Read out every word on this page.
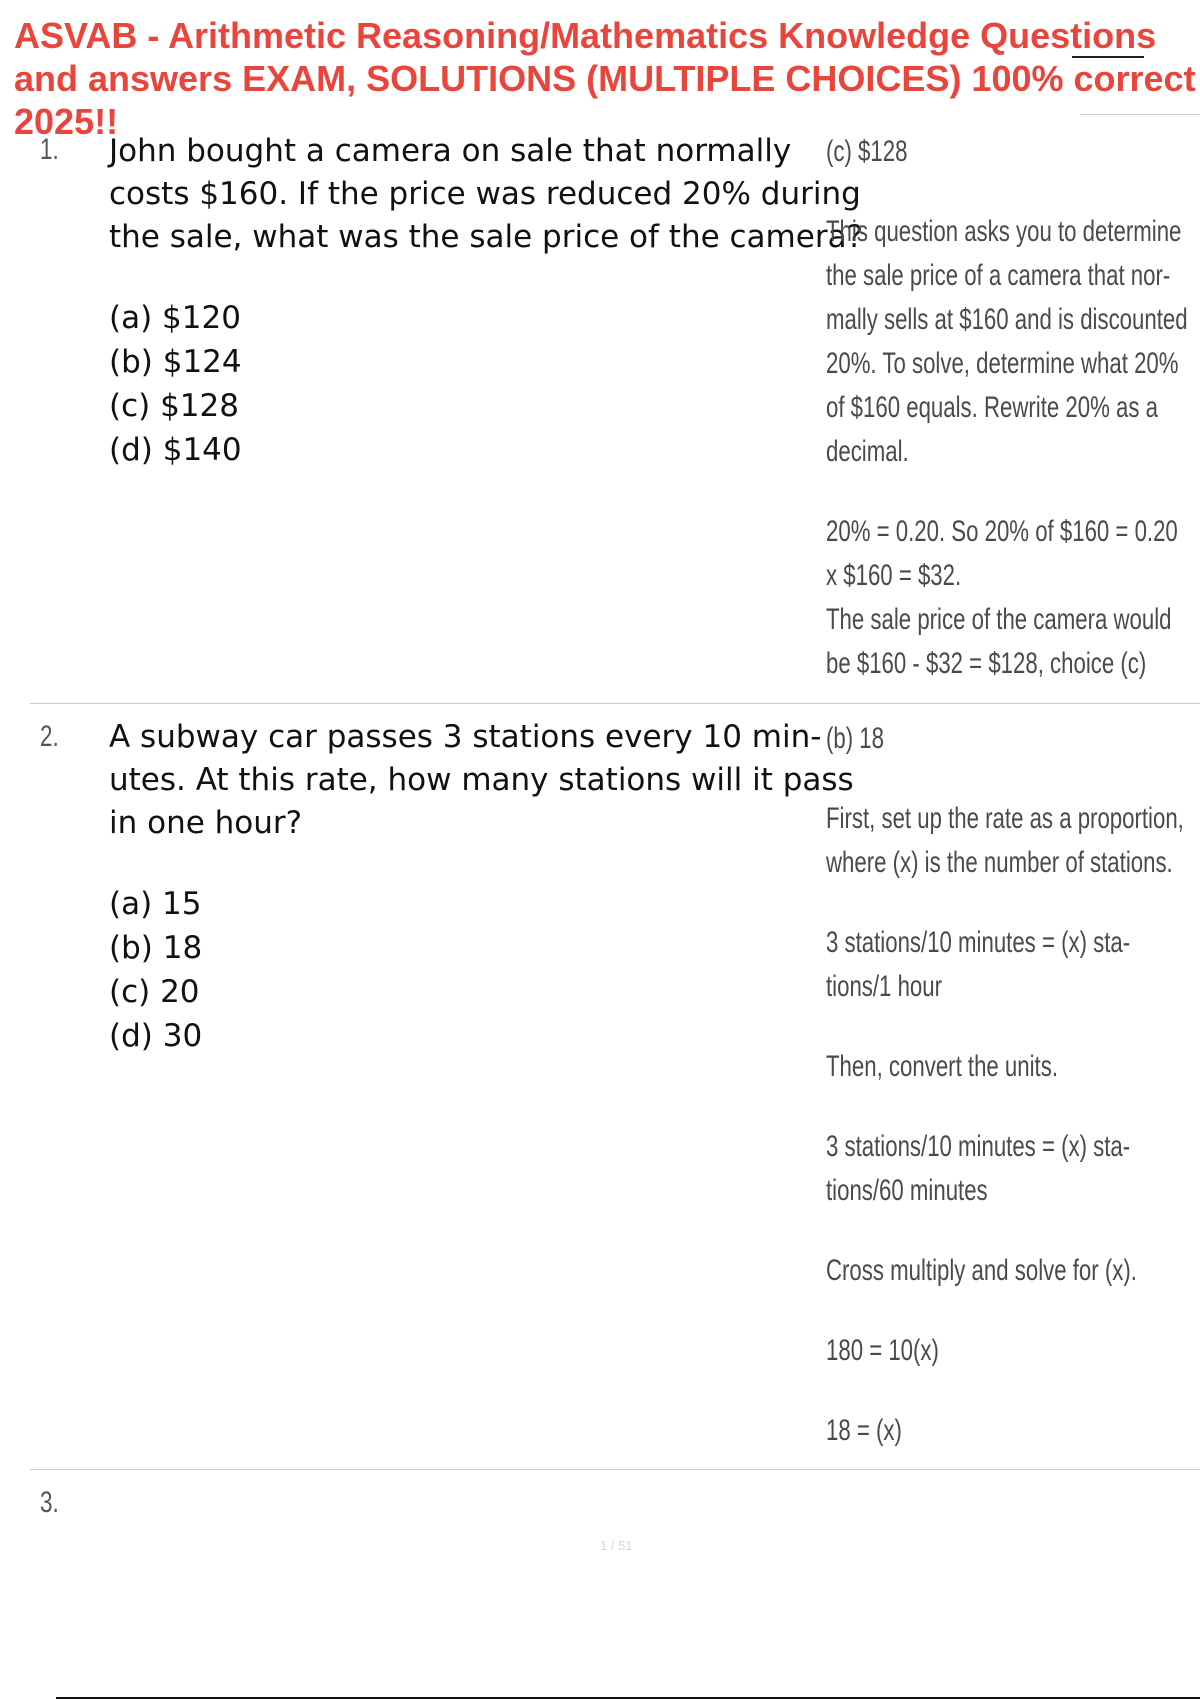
ASVAB - Arithmetic Reasoning/Mathematics Knowledge Questions
and answers EXAM, SOLUTIONS (MULTIPLE CHOICES) 100% correct
2025!!
1. John bought a camera on sale that normally
costs $160. If the price was reduced 20% during
the sale, what was the sale price of the camera?
(a) $120
(b) $124
(c) $128
(d) $140
(c) $128
This question asks you to determine
the sale price of a camera that nor-
mally sells at $160 and is discounted
20%. To solve, determine what 20%
of $160 equals. Rewrite 20% as a
decimal.
20% = 0.20. So 20% of $160 = 0.20
x $160 = $32.
The sale price of the camera would
be $160 - $32 = $128, choice (c)
2. A subway car passes 3 stations every 10 min-
utes. At this rate, how many stations will it pass
in one hour?
(a) 15
(b) 18
(c) 20
(d) 30
(b) 18
First, set up the rate as a proportion,
where (x) is the number of stations.
3 stations/10 minutes = (x) sta-
tions/1 hour
Then, convert the units.
3 stations/10 minutes = (x) sta-
tions/60 minutes
Cross multiply and solve for (x).
180 = 10(x)
18 = (x)
3.
1 / 51
